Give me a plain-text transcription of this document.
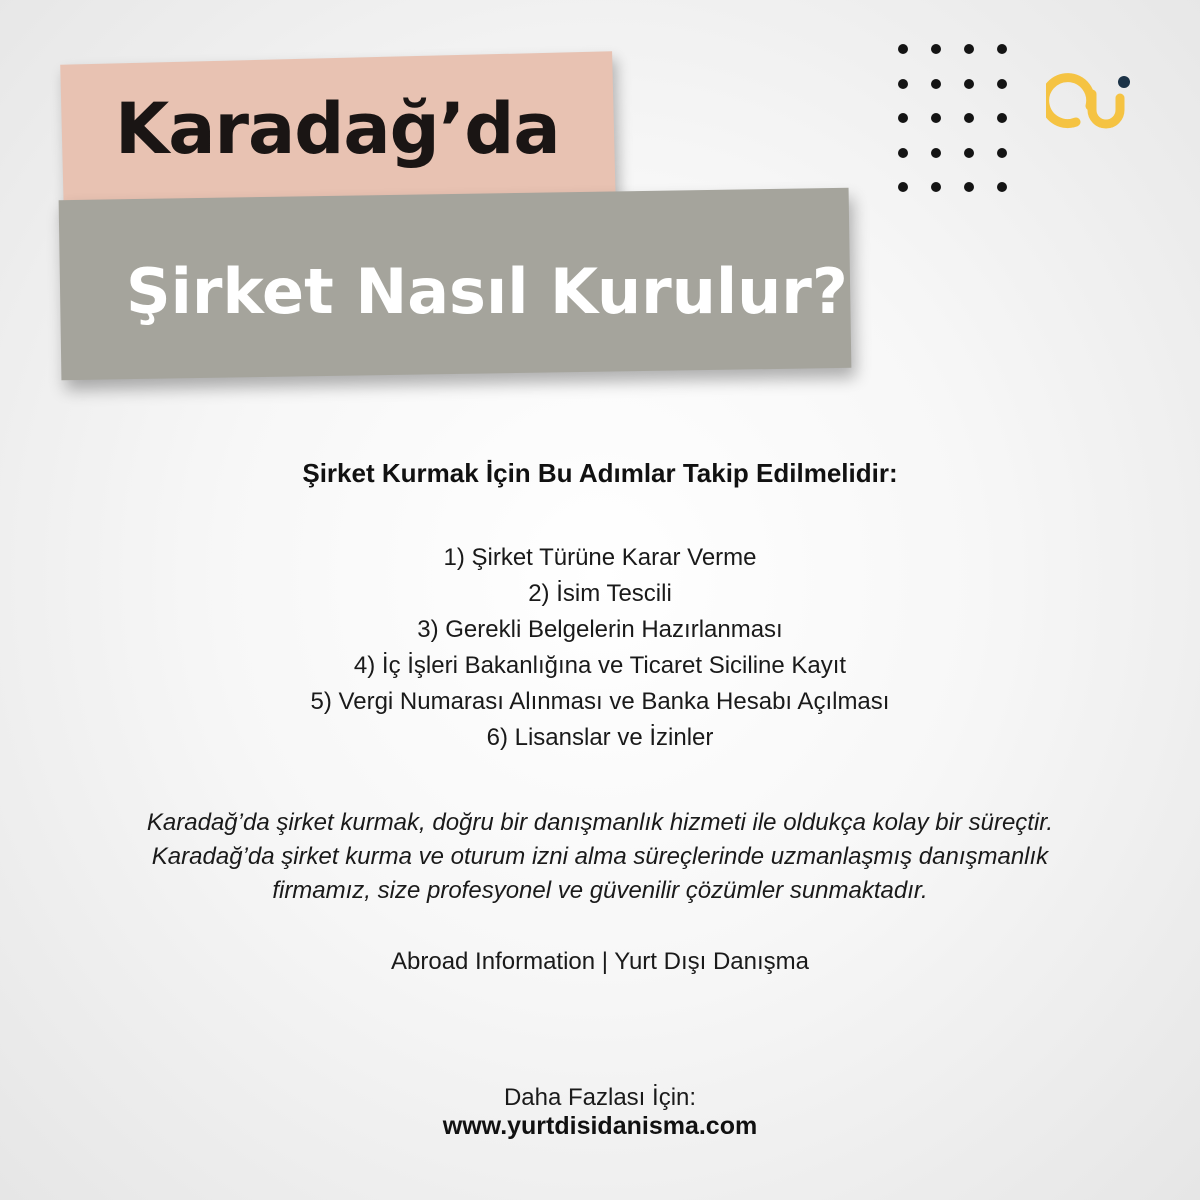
Karadağ’da
Şirket Nasıl Kurulur?
Şirket Kurmak İçin Bu Adımlar Takip Edilmelidir:
1) Şirket Türüne Karar Verme
2) İsim Tescili
3) Gerekli Belgelerin Hazırlanması
4) İç İşleri Bakanlığına ve Ticaret Siciline Kayıt
5) Vergi Numarası Alınması ve Banka Hesabı Açılması
6) Lisanslar ve İzinler
Karadağ’da şirket kurmak, doğru bir danışmanlık hizmeti ile oldukça kolay bir süreçtir.
Karadağ’da şirket kurma ve oturum izni alma süreçlerinde uzmanlaşmış danışmanlık
firmamız, size profesyonel ve güvenilir çözümler sunmaktadır.
Abroad Information | Yurt Dışı Danışma
Daha Fazlası İçin:
www.yurtdisidanisma.com
